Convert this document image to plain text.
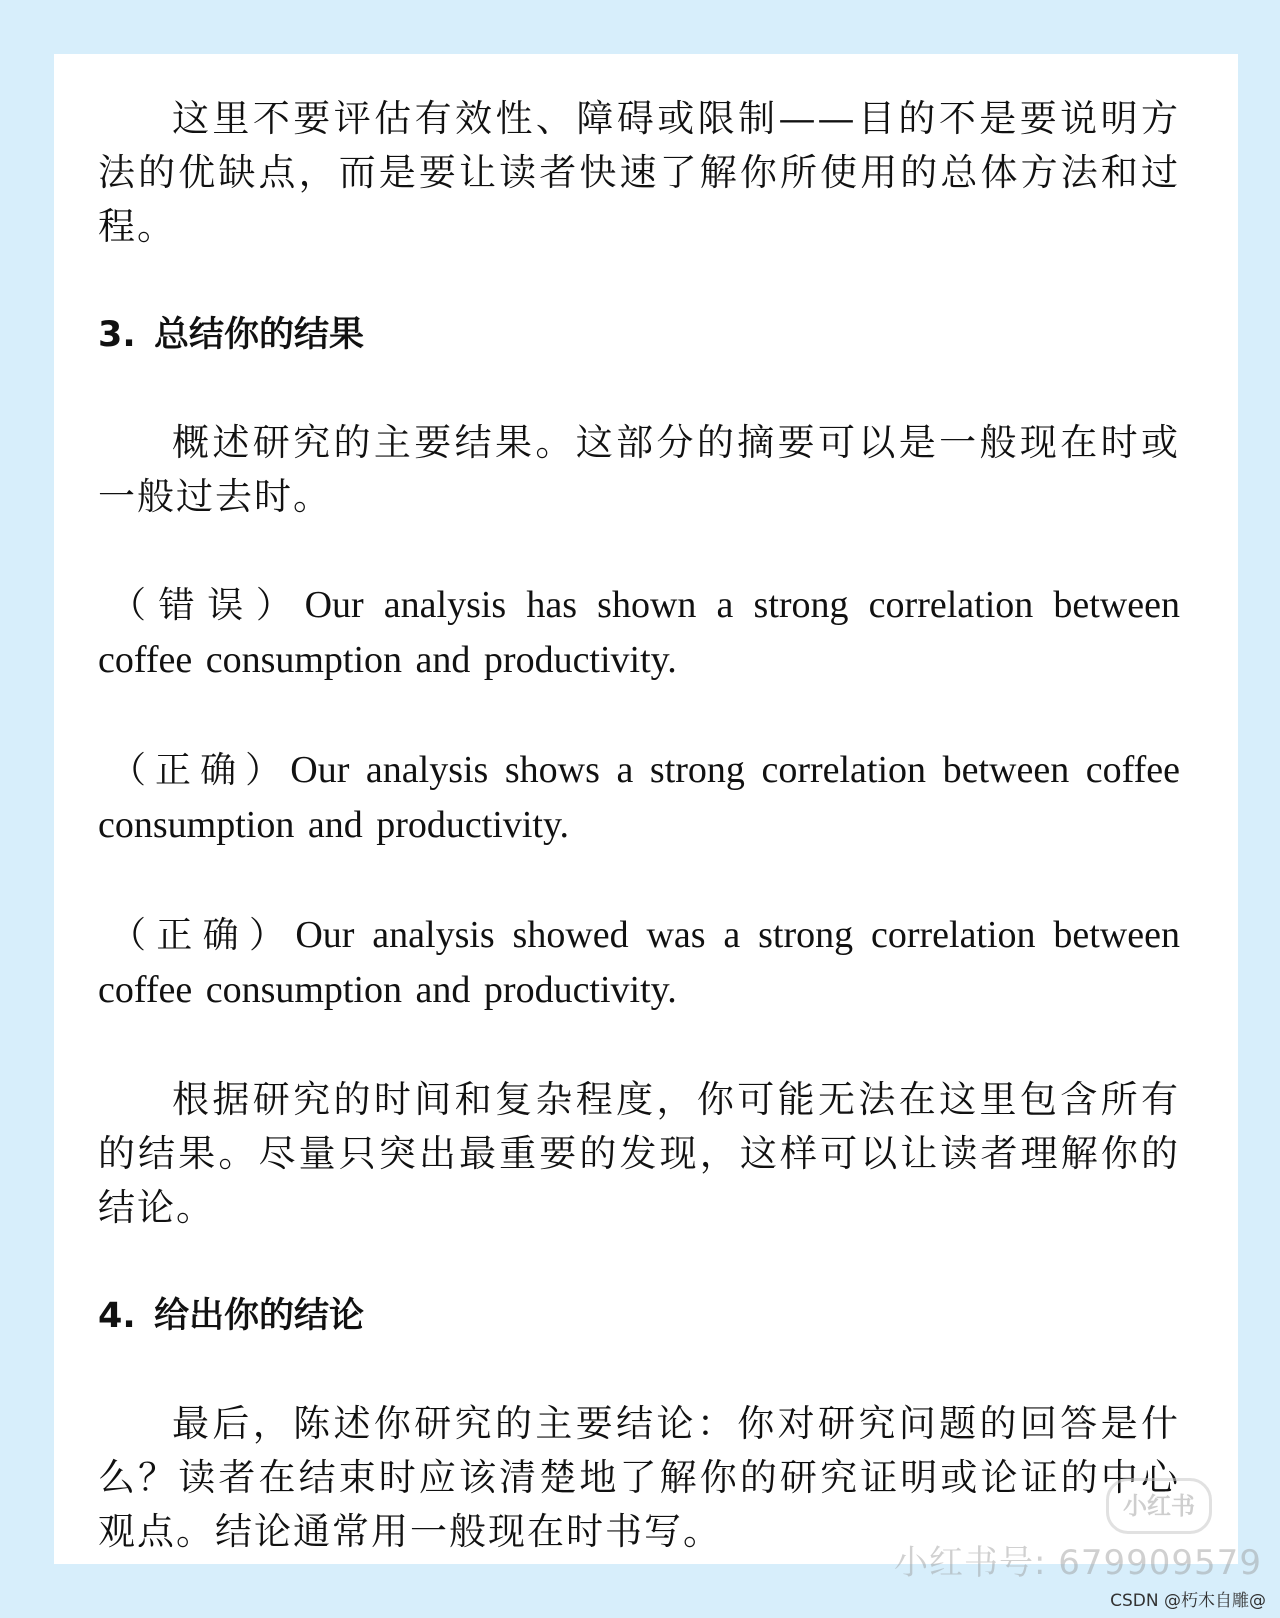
这里不要评估有效性、障碍或限制——目的不是要说明方法的优缺点，而是要让读者快速了解你所使用的总体方法和过程。

3. 总结你的结果

概述研究的主要结果。这部分的摘要可以是一般现在时或一般过去时。

（错误）Our analysis has shown a strong correlation between coffee consumption and productivity.

（正确）Our analysis shows a strong correlation between coffee consumption and productivity.

（正确）Our analysis showed was a strong correlation between coffee consumption and productivity.

根据研究的时间和复杂程度，你可能无法在这里包含所有的结果。尽量只突出最重要的发现，这样可以让读者理解你的结论。

4. 给出你的结论

最后，陈述你研究的主要结论：你对研究问题的回答是什么？读者在结束时应该清楚地了解你的研究证明或论证的中心观点。结论通常用一般现在时书写。

小红书
小红书号: 679909579
CSDN @朽木自雕@
